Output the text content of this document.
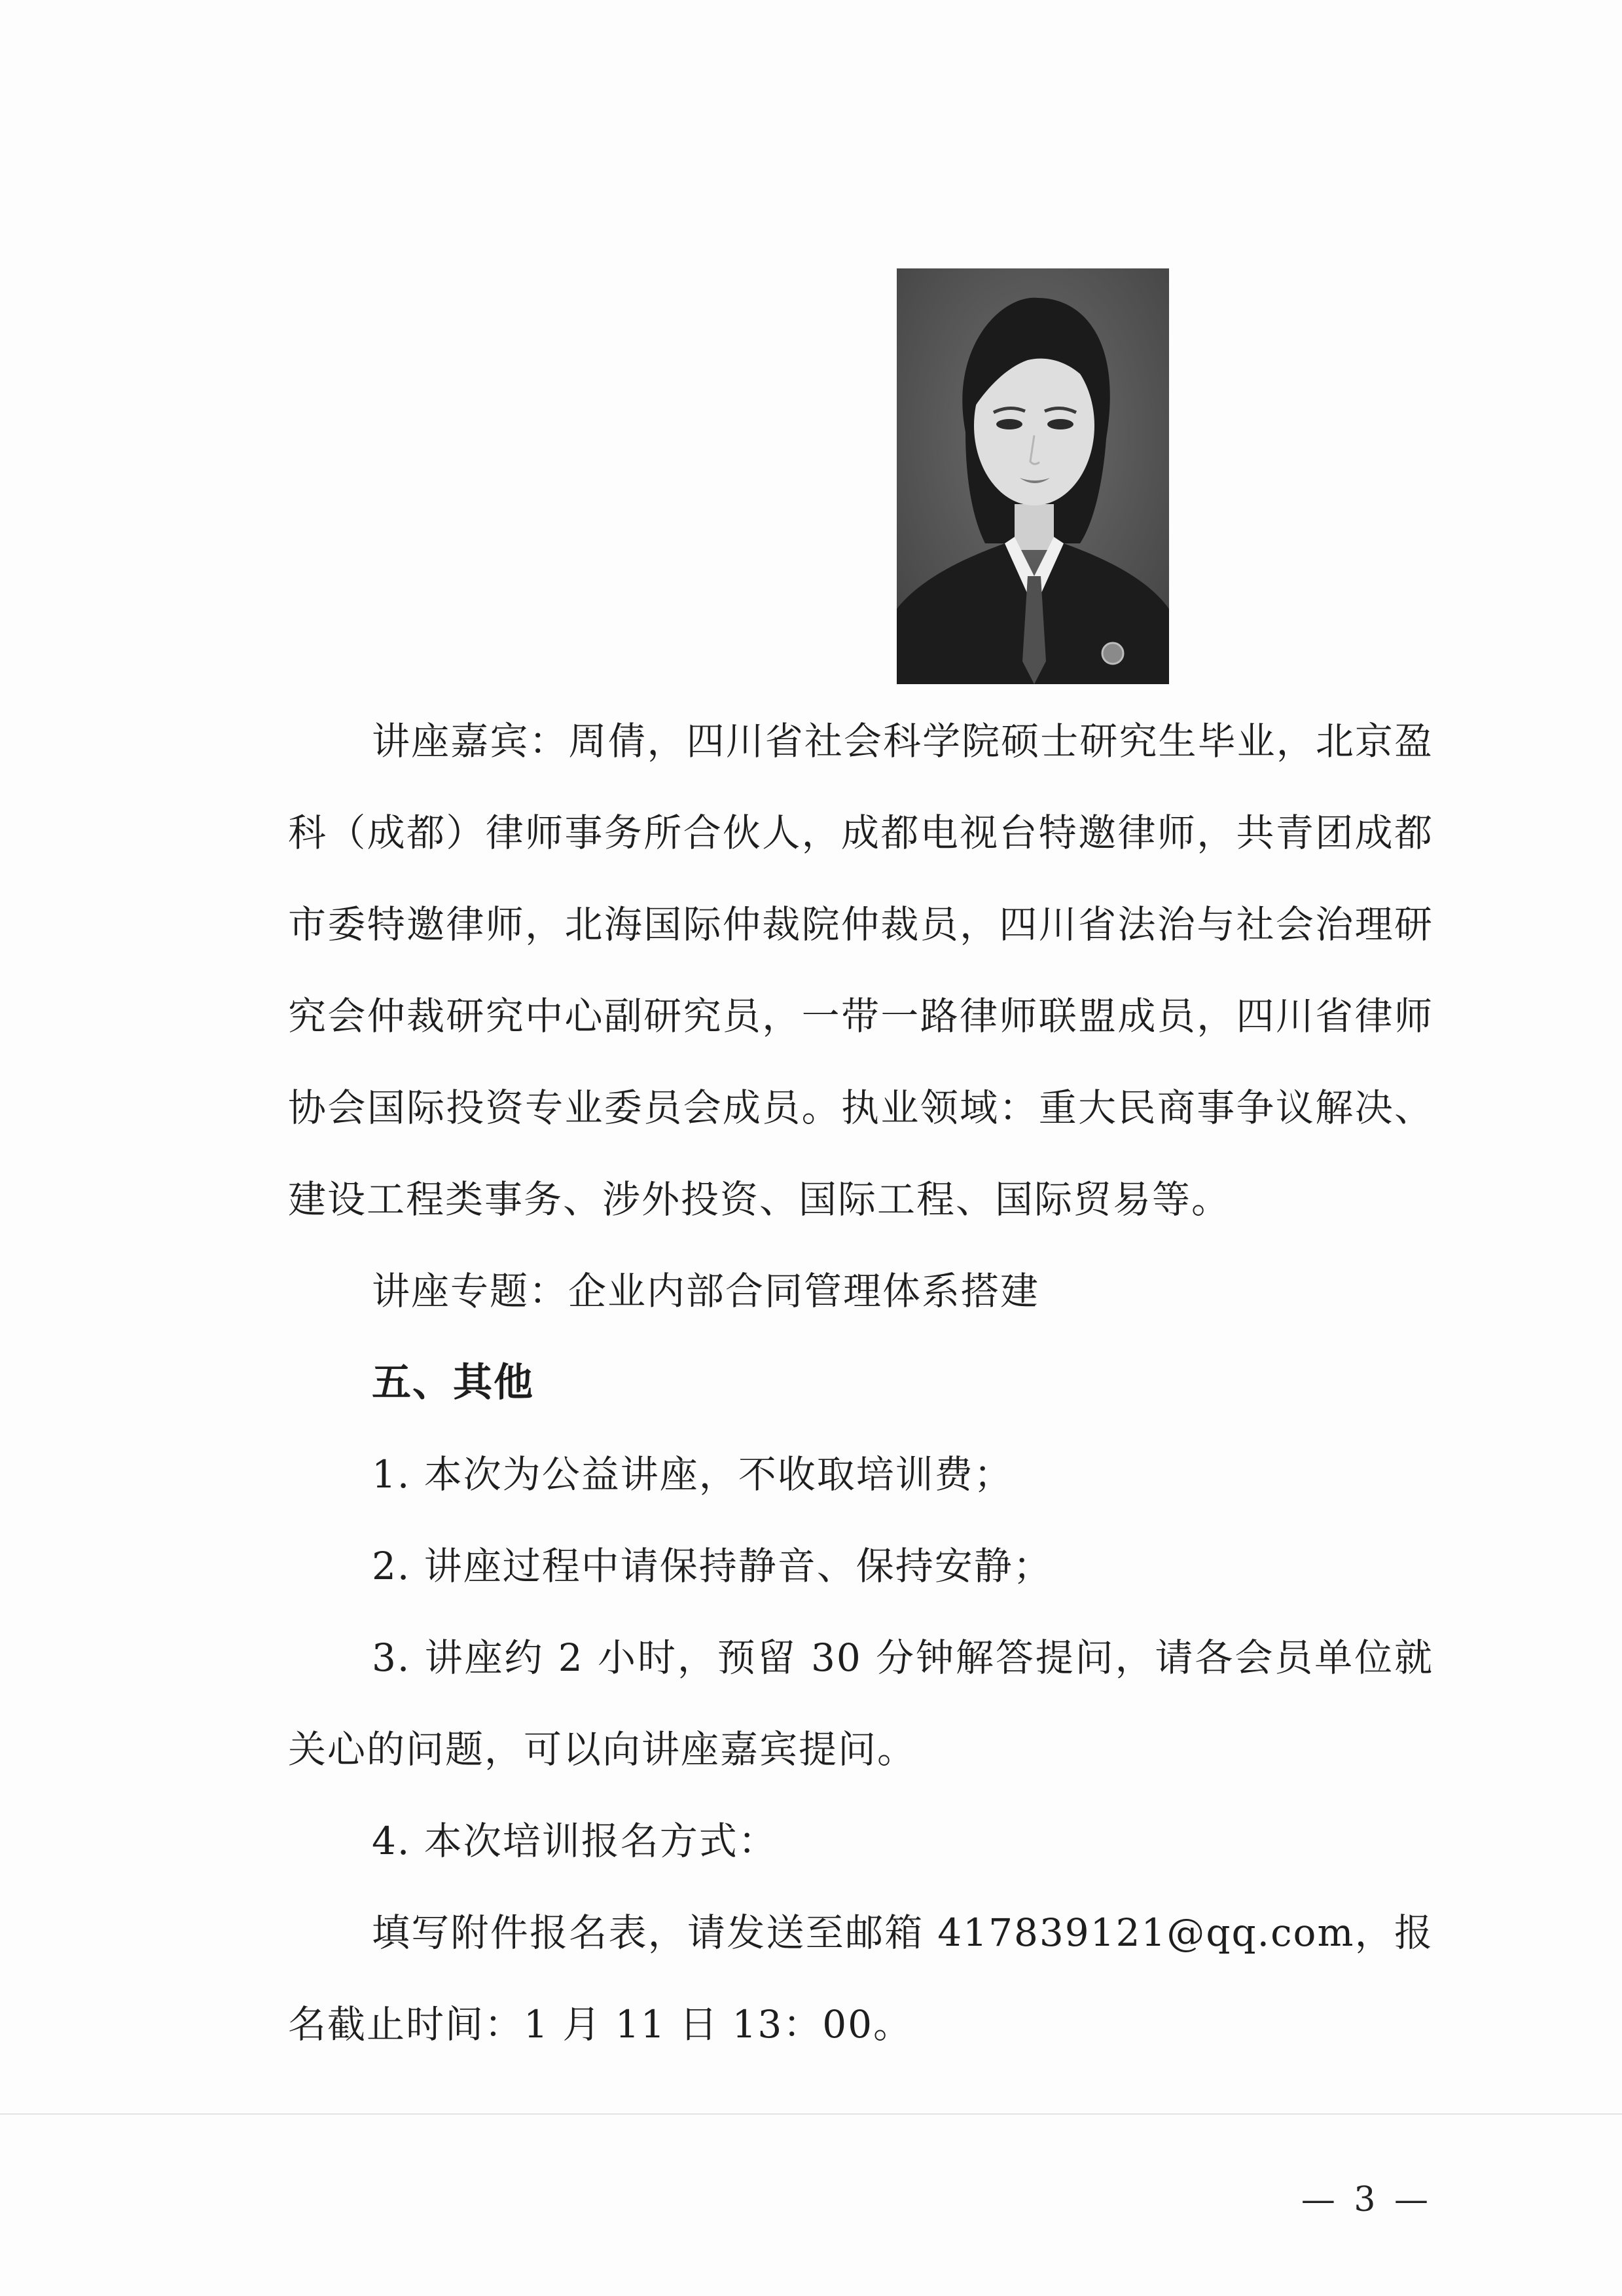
讲座嘉宾：周倩，四川省社会科学院硕士研究生毕业，北京盈科（成都）律师事务所合伙人，成都电视台特邀律师，共青团成都市委特邀律师，北海国际仲裁院仲裁员，四川省法治与社会治理研究会仲裁研究中心副研究员，一带一路律师联盟成员，四川省律师协会国际投资专业委员会成员。执业领域：重大民商事争议解决、建设工程类事务、涉外投资、国际工程、国际贸易等。

讲座专题：企业内部合同管理体系搭建

五、其他

1. 本次为公益讲座，不收取培训费；

2. 讲座过程中请保持静音、保持安静；

3. 讲座约 2 小时，预留 30 分钟解答提问，请各会员单位就关心的问题，可以向讲座嘉宾提问。

4. 本次培训报名方式：

填写附件报名表，请发送至邮箱 417839121@qq.com，报名截止时间：1 月 11 日 13：00。

— 3 —
